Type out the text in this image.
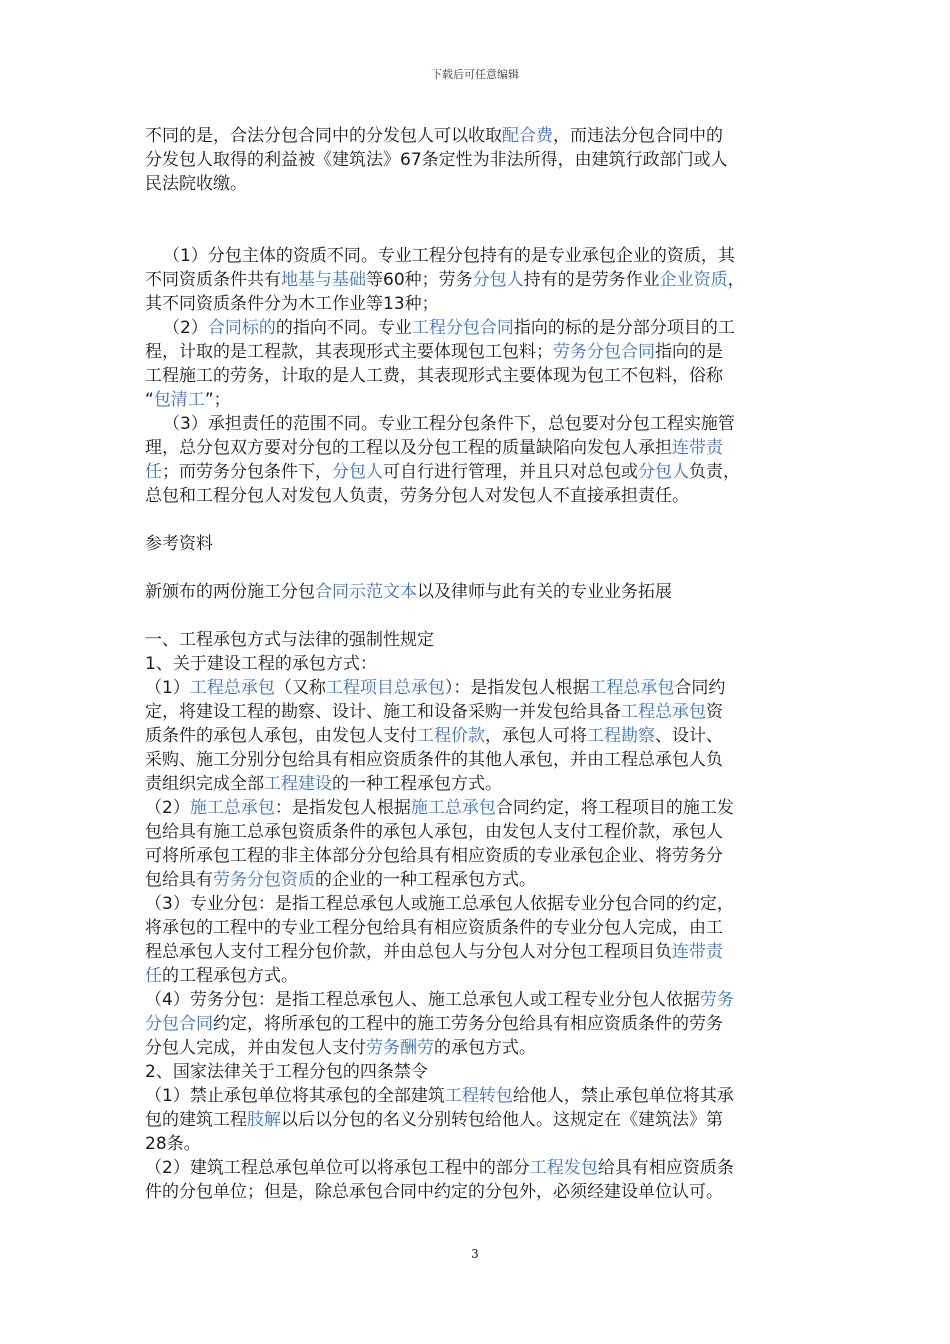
下载后可任意编辑
不同的是，合法分包合同中的分发包人可以收取配合费，而违法分包合同中的
分发包人取得的利益被《建筑法》67条定性为非法所得，由建筑行政部门或人
民法院收缴。
（1）分包主体的资质不同。专业工程分包持有的是专业承包企业的资质，其
不同资质条件共有地基与基础等60种；劳务分包人持有的是劳务作业企业资质，
其不同资质条件分为木工作业等13种；
（2）合同标的的指向不同。专业工程分包合同指向的标的是分部分项目的工
程，计取的是工程款，其表现形式主要体现包工包料；劳务分包合同指向的是
工程施工的劳务，计取的是人工费，其表现形式主要体现为包工不包料，俗称
“包清工”；
（3）承担责任的范围不同。专业工程分包条件下，总包要对分包工程实施管
理，总分包双方要对分包的工程以及分包工程的质量缺陷向发包人承担连带责
任；而劳务分包条件下，分包人可自行进行管理，并且只对总包或分包人负责，
总包和工程分包人对发包人负责，劳务分包人对发包人不直接承担责任。
参考资料
新颁布的两份施工分包合同示范文本以及律师与此有关的专业业务拓展
一、工程承包方式与法律的强制性规定
1、关于建设工程的承包方式：
（1）工程总承包（又称工程项目总承包）：是指发包人根据工程总承包合同约
定，将建设工程的勘察、设计、施工和设备采购一并发包给具备工程总承包资
质条件的承包人承包，由发包人支付工程价款，承包人可将工程勘察、设计、
采购、施工分别分包给具有相应资质条件的其他人承包，并由工程总承包人负
责组织完成全部工程建设的一种工程承包方式。
（2）施工总承包：是指发包人根据施工总承包合同约定，将工程项目的施工发
包给具有施工总承包资质条件的承包人承包，由发包人支付工程价款，承包人
可将所承包工程的非主体部分分包给具有相应资质的专业承包企业、将劳务分
包给具有劳务分包资质的企业的一种工程承包方式。
（3）专业分包：是指工程总承包人或施工总承包人依据专业分包合同的约定，
将承包的工程中的专业工程分包给具有相应资质条件的专业分包人完成，由工
程总承包人支付工程分包价款，并由总包人与分包人对分包工程项目负连带责
任的工程承包方式。
（4）劳务分包：是指工程总承包人、施工总承包人或工程专业分包人依据劳务
分包合同约定，将所承包的工程中的施工劳务分包给具有相应资质条件的劳务
分包人完成，并由发包人支付劳务酬劳的承包方式。
2、国家法律关于工程分包的四条禁令
（1）禁止承包单位将其承包的全部建筑工程转包给他人，禁止承包单位将其承
包的建筑工程肢解以后以分包的名义分别转包给他人。这规定在《建筑法》第
28条。
（2）建筑工程总承包单位可以将承包工程中的部分工程发包给具有相应资质条
件的分包单位；但是，除总承包合同中约定的分包外，必须经建设单位认可。
3
